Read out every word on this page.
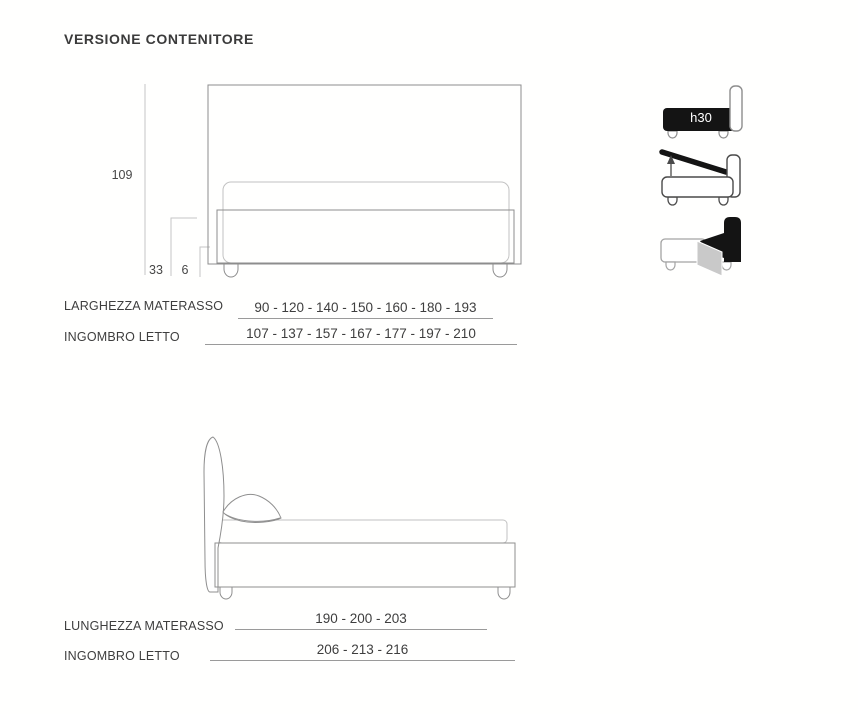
VERSIONE CONTENITORE
109
33 6
h30
LARGHEZZA MATERASSO	90 - 120 - 140 - 150 - 160 - 180 - 193
INGOMBRO LETTO	107 - 137 - 157 - 167 - 177 - 197 - 210
LUNGHEZZA MATERASSO	190 - 200 - 203
INGOMBRO LETTO	206 - 213 - 216
